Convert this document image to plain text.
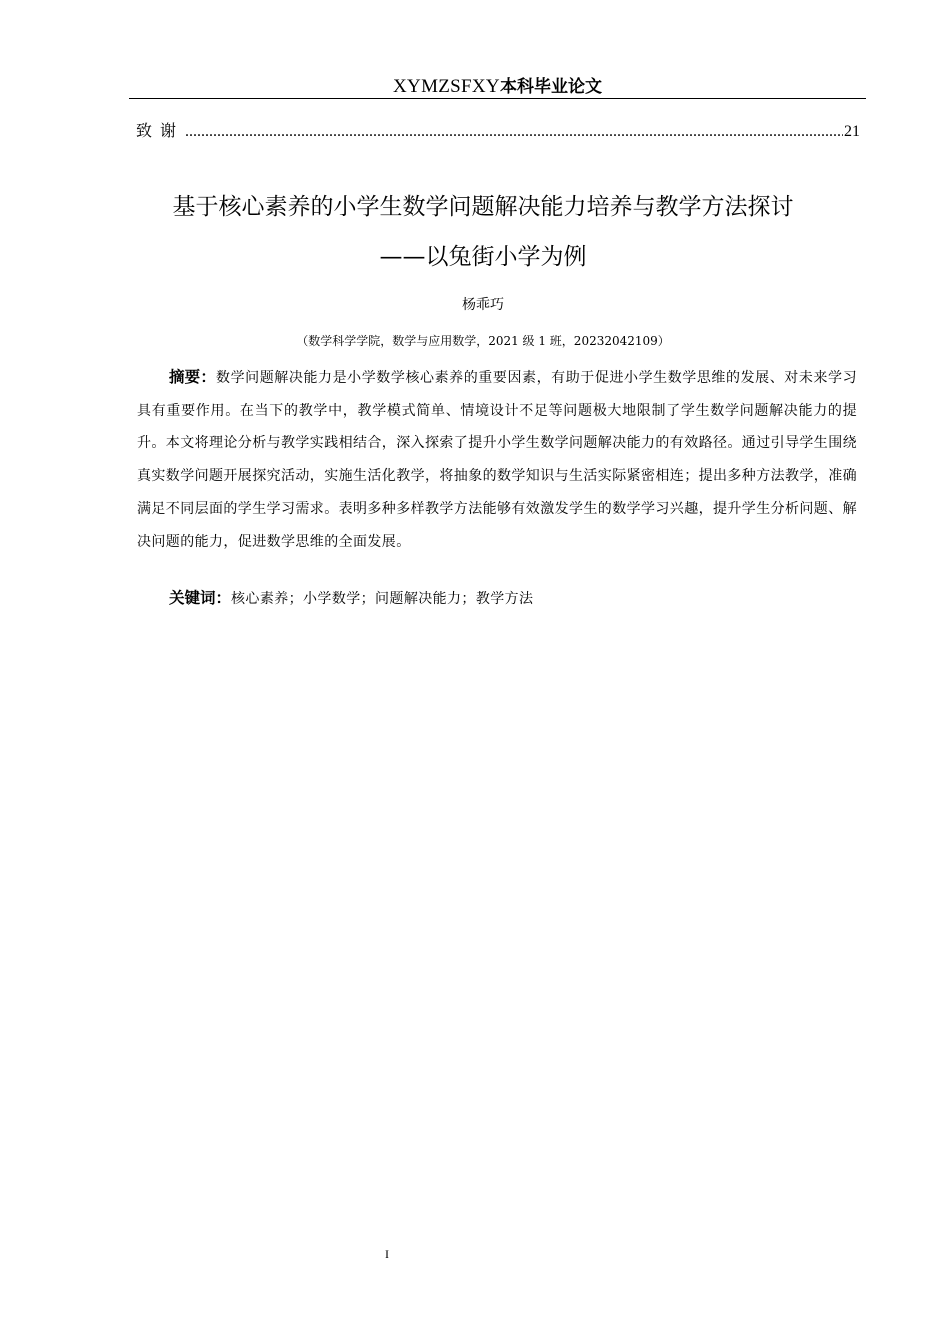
XYMZSFXY本科毕业论文
致谢
.....	21
基于核心素养的小学生数学问题解决能力培养与教学方法探讨
——以兔街小学为例
杨乖巧
（数学科学学院，数学与应用数学，2021 级 1 班，20232042109）
摘要：数学问题解决能力是小学数学核心素养的重要因素，有助于促进小学生数学思维的发展、对未来学习具有重要作用。在当下的教学中，教学模式简单、情境设计不足等问题极大地限制了学生数学问题解决能力的提升。本文将理论分析与教学实践相结合，深入探索了提升小学生数学问题解决能力的有效路径。通过引导学生围绕真实数学问题开展探究活动，实施生活化教学，将抽象的数学知识与生活实际紧密相连；提出多种方法教学，准确满足不同层面的学生学习需求。表明多种多样教学方法能够有效激发学生的数学学习兴趣，提升学生分析问题、解决问题的能力，促进数学思维的全面发展。
关键词：核心素养；小学数学；问题解决能力；教学方法
I
